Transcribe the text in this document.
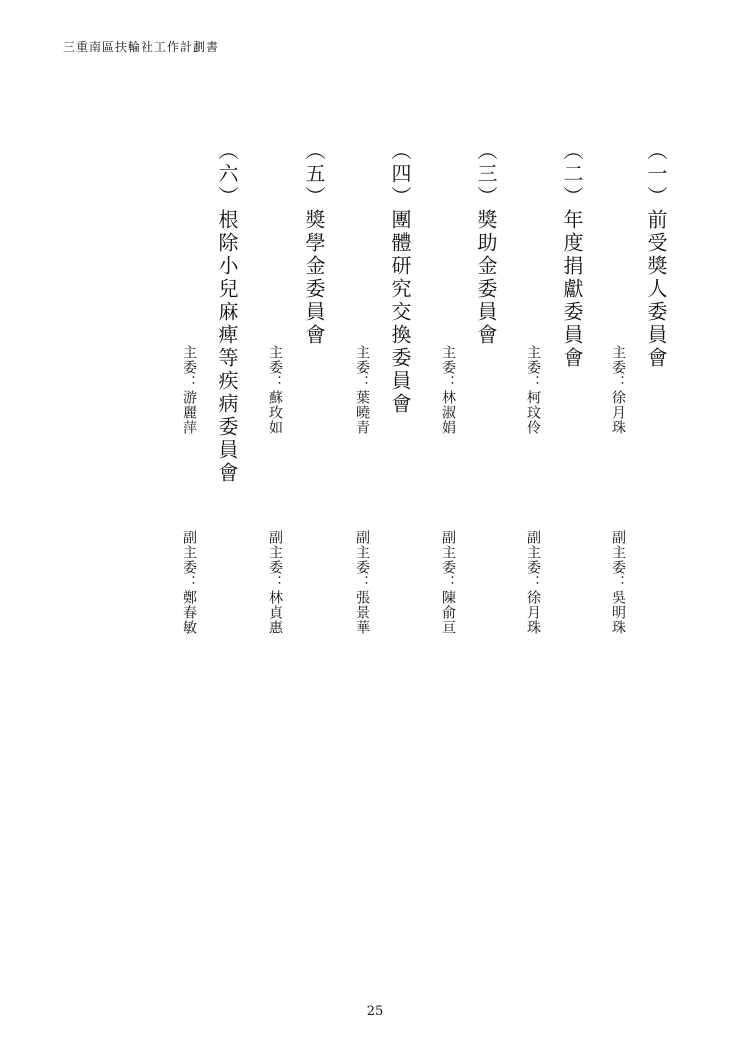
三重南區扶輪社工作計劃書
（一）前受獎人委員會
主委：徐月珠
副主委：吳明珠
（二）年度捐獻委員會
主委：柯玟伶
副主委：徐月珠
（三）獎助金委員會
主委：林淑娟
副主委：陳俞亘
（四）團體研究交換委員會
主委：葉曉青
副主委：張景華
（五）獎學金委員會
主委：蘇玫如
副主委：林貞惠
（六）根除小兒麻痺等疾病委員會
主委：游麗萍
副主委：鄭春敏
25
